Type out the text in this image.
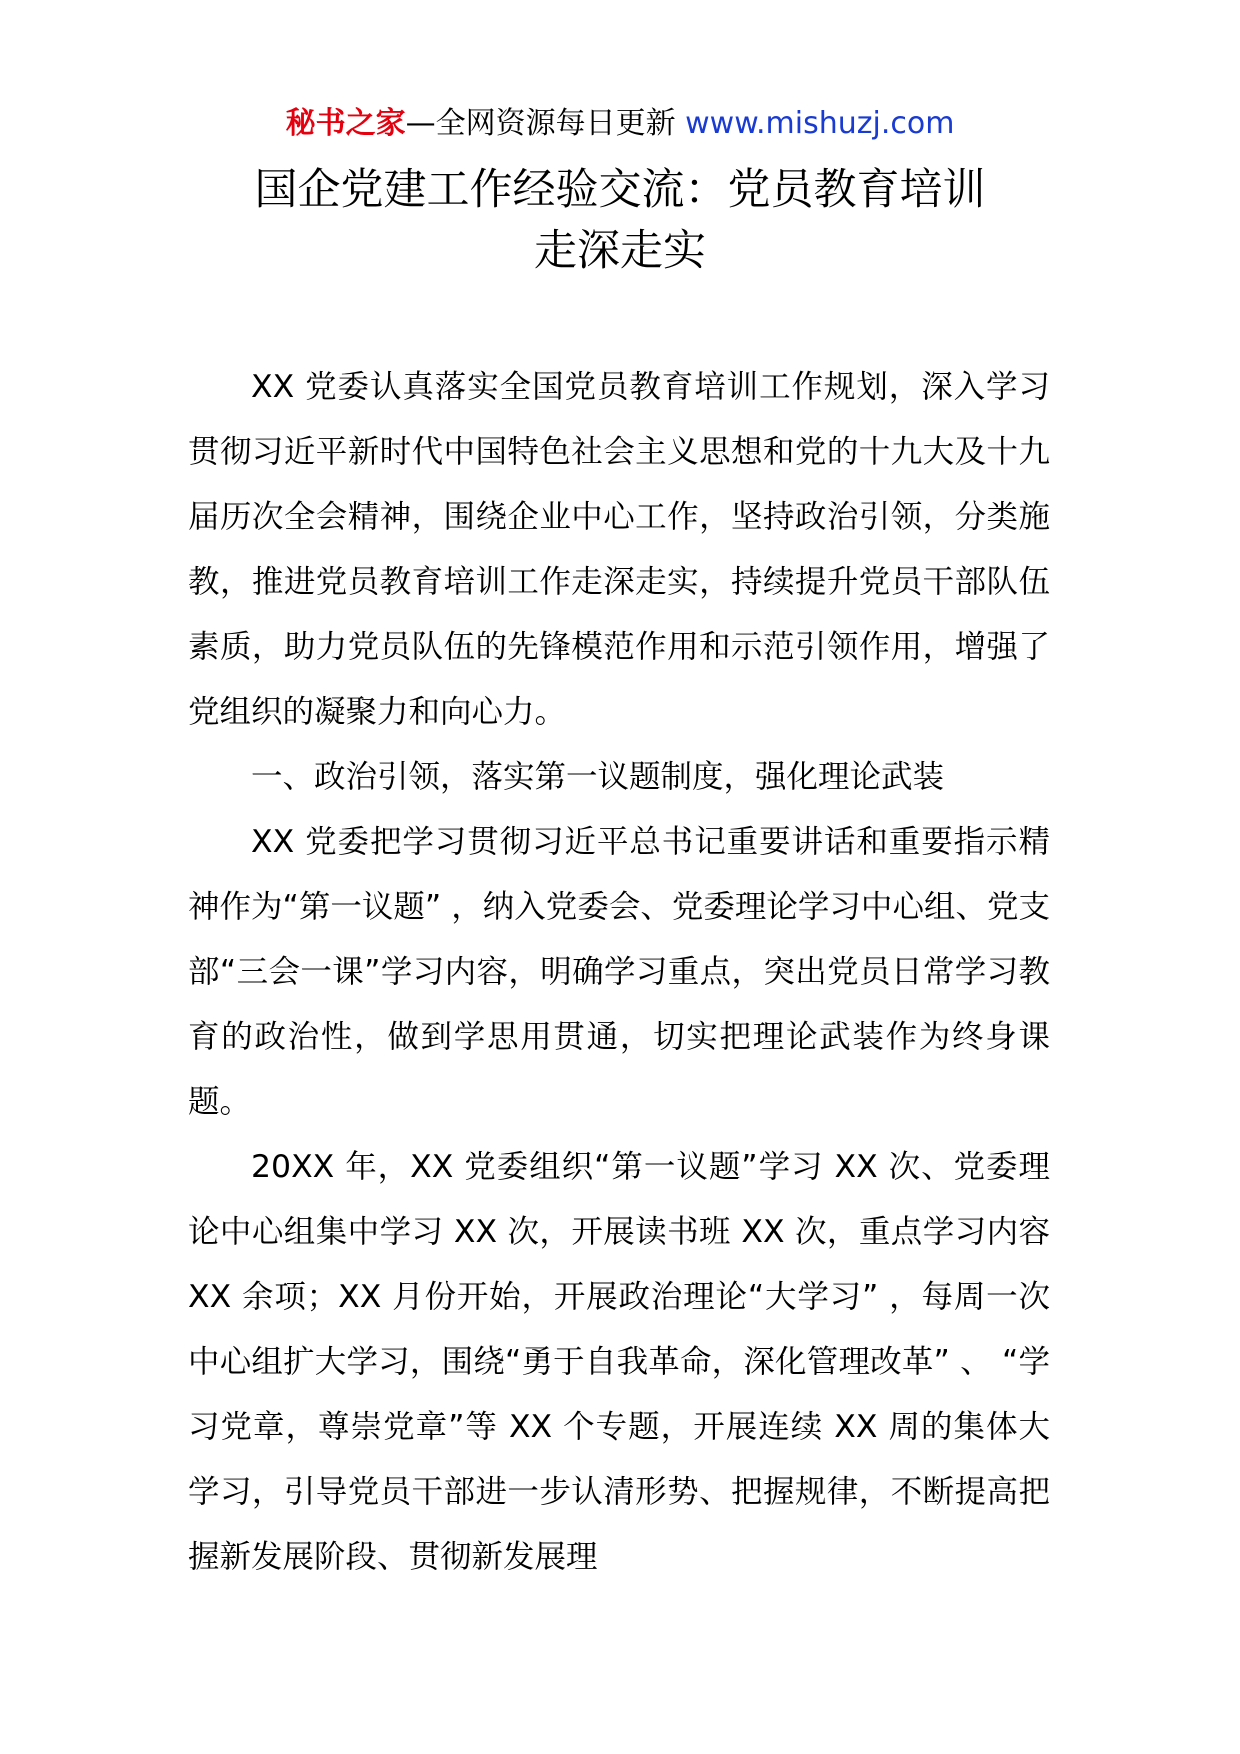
秘书之家—全网资源每日更新 www.mishuzj.com
国企党建工作经验交流：党员教育培训
走深走实

XX 党委认真落实全国党员教育培训工作规划，深入学习贯彻习近平新时代中国特色社会主义思想和党的十九大及十九届历次全会精神，围绕企业中心工作，坚持政治引领，分类施教，推进党员教育培训工作走深走实，持续提升党员干部队伍素质，助力党员队伍的先锋模范作用和示范引领作用，增强了党组织的凝聚力和向心力。

一、政治引领，落实第一议题制度，强化理论武装

XX 党委把学习贯彻习近平总书记重要讲话和重要指示精神作为“第一议题” ，纳入党委会、党委理论学习中心组、党支部“三会一课”学习内容，明确学习重点，突出党员日常学习教育的政治性，做到学思用贯通，切实把理论武装作为终身课题。

20XX 年，XX 党委组织“第一议题”学习 XX 次、党委理论中心组集中学习 XX 次，开展读书班 XX 次，重点学习内容 XX 余项；XX 月份开始，开展政治理论“大学习” ，每周一次中心组扩大学习，围绕“勇于自我革命，深化管理改革” 、 “学习党章，尊崇党章”等 XX 个专题，开展连续 XX 周的集体大学习，引导党员干部进一步认清形势、把握规律，不断提高把握新发展阶段、贯彻新发展理
